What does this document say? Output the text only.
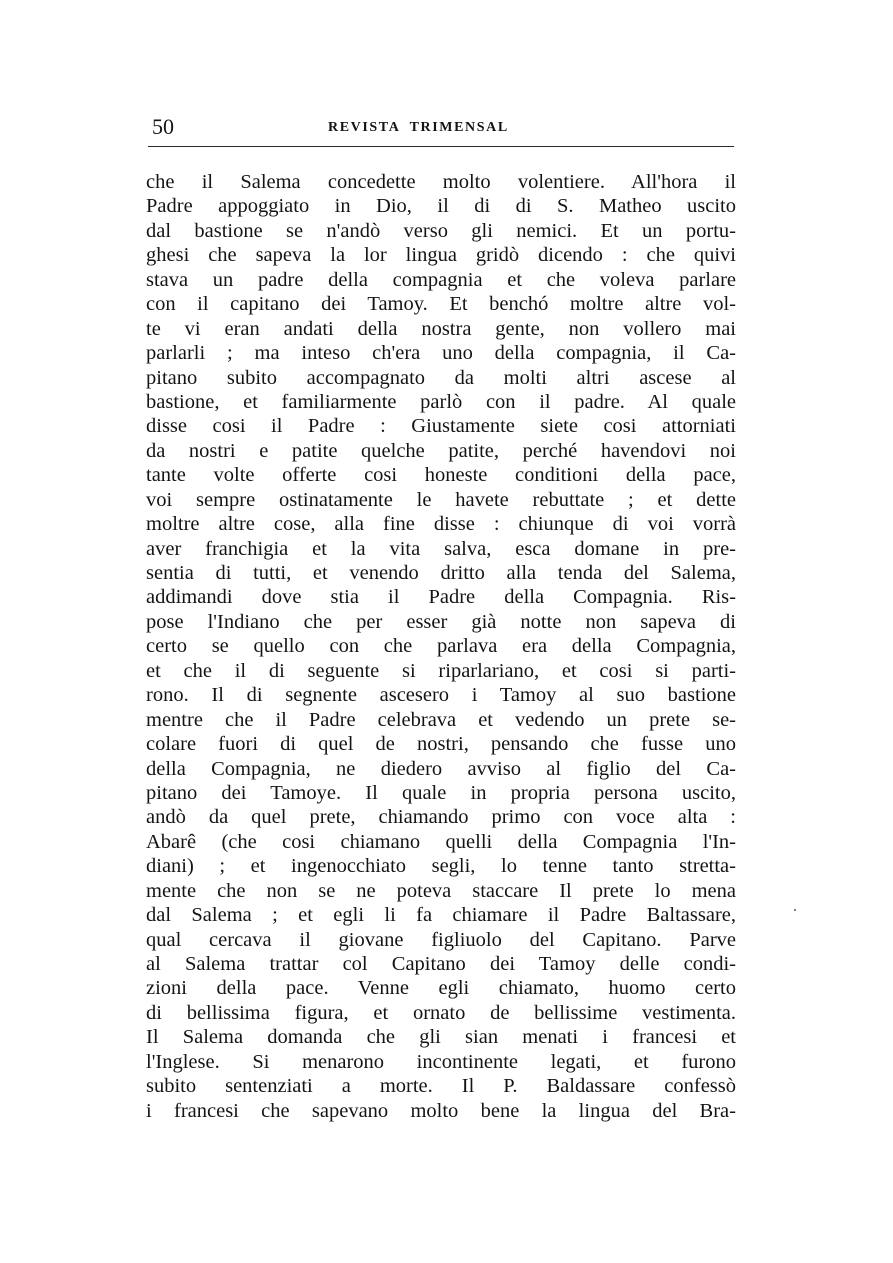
50	REVISTA  TRIMENSAL
che il Salema concedette molto volentiere. All'hora il
Padre appoggiato in Dio, il di di S. Matheo uscito
dal bastione se n'andò verso gli nemici. Et un portu-
ghesi che sapeva la lor lingua gridò dicendo : che quivi
stava un padre della compagnia et che voleva parlare
con il capitano dei Tamoy. Et benchó moltre altre vol-
te vi eran andati della nostra gente, non vollero mai
parlarli ; ma inteso ch'era uno della compagnia, il Ca-
pitano subito accompagnato da molti altri ascese al
bastione, et familiarmente parlò con il padre. Al quale
disse cosi il Padre : Giustamente siete cosi attorniati
da nostri e patite quelche patite, perché havendovi noi
tante volte offerte cosi honeste conditioni della pace,
voi sempre ostinatamente le havete rebuttate ; et dette
moltre altre cose, alla fine disse : chiunque di voi vorrà
aver franchigia et la vita salva, esca domane in pre-
sentia di tutti, et venendo dritto alla tenda del Salema,
addimandi dove stia il Padre della Compagnia. Ris-
pose l'Indiano che per esser già notte non sapeva di
certo se quello con che parlava era della Compagnia,
et che il di seguente si riparlariano, et cosi si parti-
rono. Il di segnente ascesero i Tamoy al suo bastione
mentre che il Padre celebrava et vedendo un prete se-
colare fuori di quel de nostri, pensando che fusse uno
della Compagnia, ne diedero avviso al figlio del Ca-
pitano dei Tamoye. Il quale in propria persona uscito,
andò da quel prete, chiamando primo con voce alta :
Abarê (che cosi chiamano quelli della Compagnia l'In-
diani) ; et ingenocchiato segli, lo tenne tanto stretta-
mente che non se ne poteva staccare Il prete lo mena
dal Salema ; et egli li fa chiamare il Padre Baltassare,
qual cercava il giovane figliuolo del Capitano. Parve
al Salema trattar col Capitano dei Tamoy delle condi-
zioni della pace. Venne egli chiamato, huomo certo
di bellissima figura, et ornato de bellissime vestimenta.
Il Salema domanda che gli sian menati i francesi et
l'Inglese. Si menarono incontinente legati, et furono
subito sentenziati a morte. Il P. Baldassare confessò
i francesi che sapevano molto bene la lingua del Bra-
